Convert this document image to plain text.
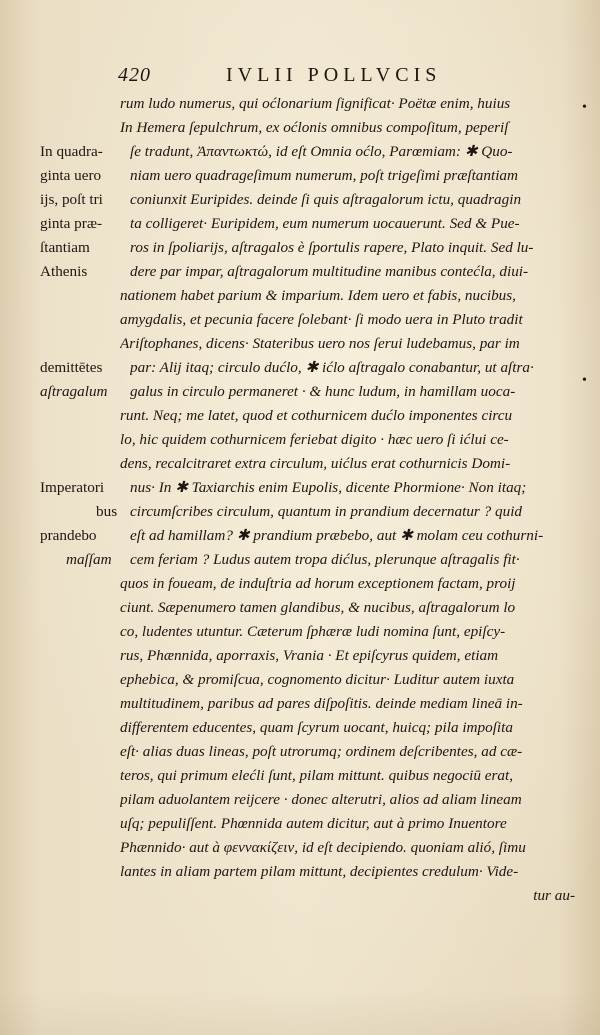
420	IVLII POLLVCIS
•
•
rum ludo numerus, qui oćlonarium ſignificat· Poëtæ enim, huius
In Hemera ſepulchrum, ex oćlonis omnibus compoſitum, peperiſ
ſe tradunt, Ἀπαντωκτώ, id eſt Omnia oćlo, Parœmiam: ✱ Quo-
niam uero quadrageſimum numerum, poſt trigeſimi præſtantiam
coniunxit Euripides. deinde ſi quis aſtragalorum ictu, quadragin
ta colligeret· Euripidem, eum numerum uocauerunt. Sed & Pue-
ros in ſpoliarijs, aſtragalos è ſportulis rapere, Plato inquit. Sed lu-
dere par impar, aſtragalorum multitudine manibus contećla, diui-
nationem habet parium & imparium. Idem uero et fabis, nucibus,
amygdalis, et pecunia facere ſolebant· ſi modo uera in Pluto tradit
Ariſtophanes, dicens· Stateribus uero nos ſerui ludebamus, par im
par: Alij itaq; circulo dućlo, ✱ ićlo aſtragalo conabantur, ut aſtra·
galus in circulo permaneret · & hunc ludum, in hamillam uoca-
runt. Neq; me latet, quod et cothurnicem dućlo imponentes circu
lo, hic quidem cothurnicem feriebat digito · hæc uero ſi ićlui ce-
dens, recalcitraret extra circulum, uićlus erat cothurnicis Domi-
nus· In ✱ Taxiarchis enim Eupolis, dicente Phormione· Non itaq;
circumſcribes circulum, quantum in prandium decernatur ? quid
eſt ad hamillam? ✱ prandium præbebo, aut ✱ molam ceu cothurni-
cem feriam ? Ludus autem tropa dićlus, plerunque aſtragalis fit·
quos in foueam, de induſtria ad horum exceptionem factam, proij
ciunt. Sæpenumero tamen glandibus, & nucibus, aſtragalorum lo
co, ludentes utuntur. Cæterum ſphæræ ludi nomina ſunt, epiſcy-
rus, Phænnida, aporraxis, Vrania · Et epiſcyrus quidem, etiam
ephebica, & promiſcua, cognomento dicitur· Luditur autem iuxta
multitudinem, paribus ad pares diſpoſitis. deinde mediam lineā in-
differentem educentes, quam ſcyrum uocant, huicq; pila impoſita
eſt· alias duas lineas, poſt utrorumq; ordinem deſcribentes, ad cæ-
teros, qui primum elećli ſunt, pilam mittunt. quibus negociū erat,
pilam aduolantem reijcere · donec alterutri, alios ad aliam lineam
uſq; pepuliſſent. Phœnnida autem dicitur, aut à primo Inuentore
Phænnido· aut à φεννακίζειν, id eſt decipiendo. quoniam alió, ſimu
lantes in aliam partem pilam mittunt, decipientes credulum· Vide-
tur au-
In quadra-
ginta uero
ijs, poſt tri
ginta præ-
ſtantiam
Athenis
demittētes
aſtragalum
Imperatori
bus
prandebo
maſſam
